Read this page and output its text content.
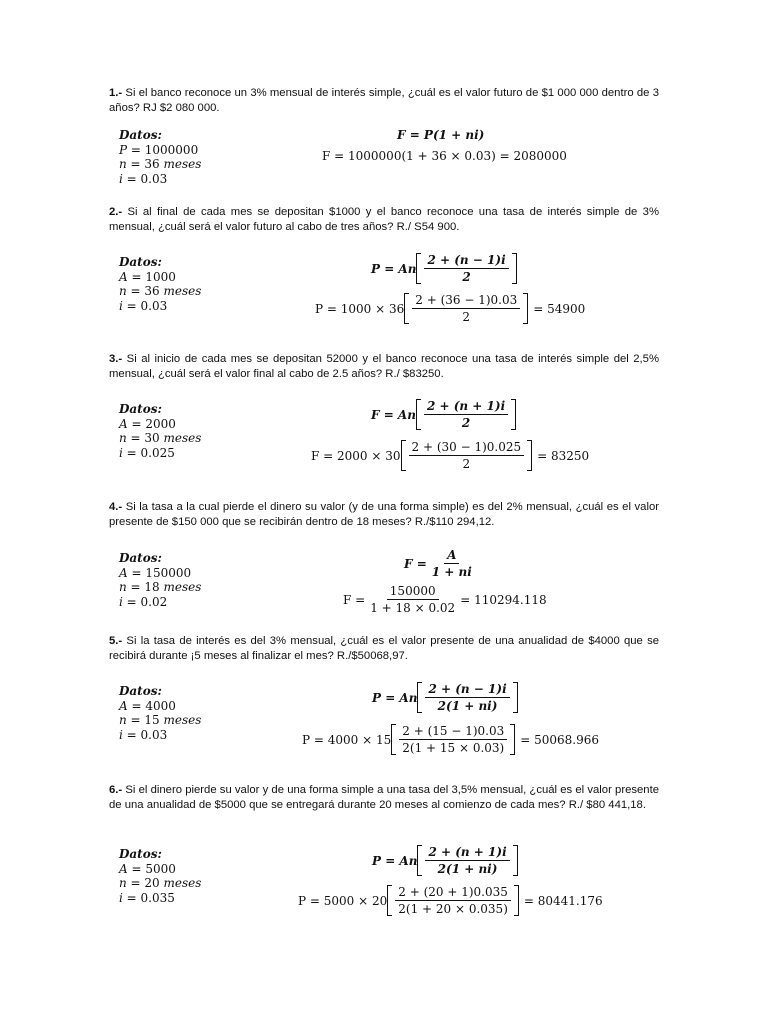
1.- Si el banco reconoce un 3% mensual de interés simple, ¿cuál es el valor futuro de $1 000 000 dentro de 3 años? RJ $2 080 000.

Datos:
P = 1000000
n = 36 meses
i = 0.03
F = P(1 + ni)
F = 1000000(1 + 36 × 0.03) = 2080000

2.- Si al final de cada mes se depositan $1000 y el banco reconoce una tasa de interés simple de 3% mensual, ¿cuál será el valor futuro al cabo de tres años? R./ S54 900.

Datos:
A = 1000
n = 36 meses
i = 0.03
P = An $\frac{2 + (n - 1)i}{2}$
$P = 1000 \times 36 \frac{2 + (36 - 1)0.03}{2} = 54900$

3.- Si al inicio de cada mes se depositan 52000 y el banco reconoce una tasa de interés simple del 2,5% mensual, ¿cuál será el valor final al cabo de 2.5 años? R./ $83250.

Datos:
A = 2000
n = 30 meses
i = 0.025
F = An $\frac{2 + (n + 1)i}{2}$
$F = 2000 \times 30 \frac{2 + (30 - 1)0.025}{2} = 83250$

4.- Si la tasa a la cual pierde el dinero su valor (y de una forma simple) es del 2% mensual, ¿cuál es el valor presente de $150 000 que se recibirán dentro de 18 meses? R./$110 294,12.

Datos:
A = 150000
n = 18 meses
i = 0.02
$F = \frac{A}{1 + ni}$
$F = \frac{150000}{1 + 18 \times 0.02} = 110294.118$

5.- Si la tasa de interés es del 3% mensual, ¿cuál es el valor presente de una anualidad de $4000 que se recibirá durante ¡5 meses al finalizar el mes? R./$50068,97.

Datos:
A = 4000
n = 15 meses
i = 0.03
P = An $\frac{2 + (n - 1)i}{2(1 + ni)}$
$P = 4000 \times 15 \frac{2 + (15 - 1)0.03}{2(1 + 15 \times 0.03)} = 50068.966$

6.- Si el dinero pierde su valor y de una forma simple a una tasa del 3,5% mensual, ¿cuál es el valor presente de una anualidad de $5000 que se entregará durante 20 meses al comienzo de cada mes? R./ $80 441,18.

Datos:
A = 5000
n = 20 meses
i = 0.035
P = An $\frac{2 + (n + 1)i}{2(1 + ni)}$
$P = 5000 \times 20 \frac{2 + (20 + 1)0.035}{2(1 + 20 \times 0.035)} = 80441.176$
